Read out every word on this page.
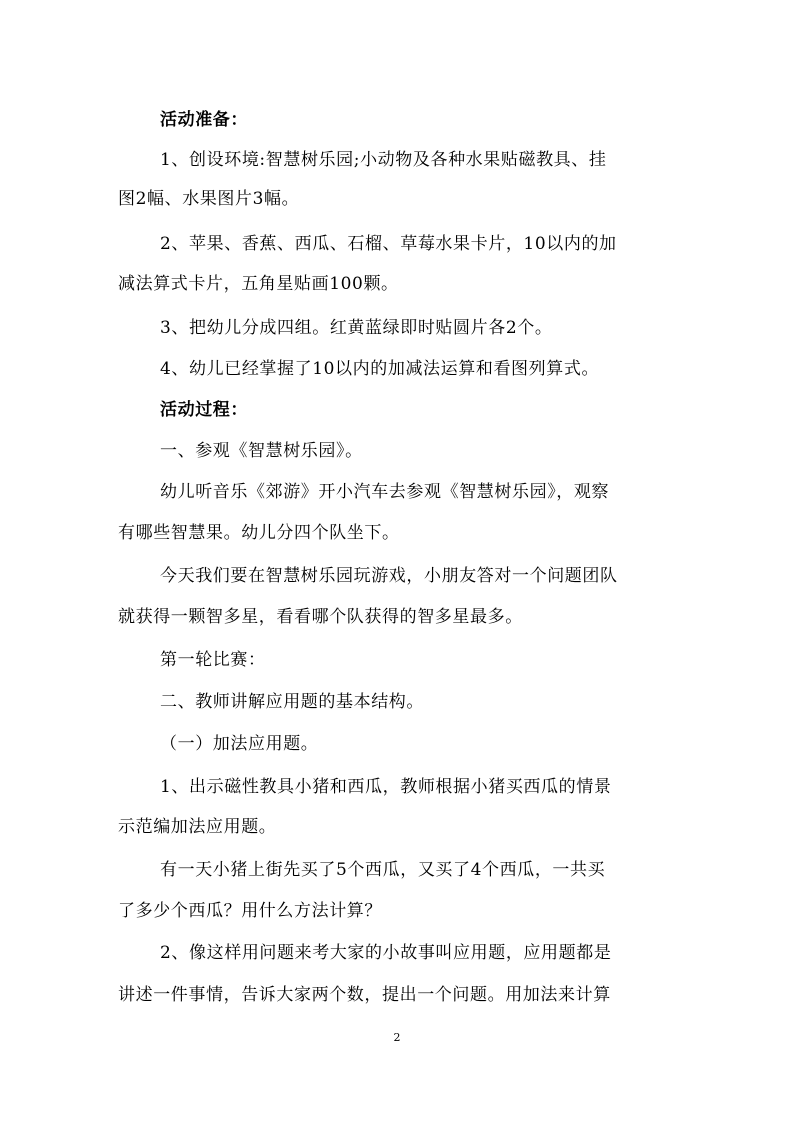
活动准备：
1、创设环境:智慧树乐园;小动物及各种水果贴磁教具、挂
图2幅、水果图片3幅。
2、苹果、香蕉、西瓜、石榴、草莓水果卡片，10以内的加
减法算式卡片，五角星贴画100颗。
3、把幼儿分成四组。红黄蓝绿即时贴圆片各2个。
4、幼儿已经掌握了10以内的加减法运算和看图列算式。
活动过程：
一、参观《智慧树乐园》。
幼儿听音乐《郊游》开小汽车去参观《智慧树乐园》，观察
有哪些智慧果。幼儿分四个队坐下。
今天我们要在智慧树乐园玩游戏，小朋友答对一个问题团队
就获得一颗智多星，看看哪个队获得的智多星最多。
第一轮比赛：
二、教师讲解应用题的基本结构。
（一）加法应用题。
1、出示磁性教具小猪和西瓜，教师根据小猪买西瓜的情景
示范编加法应用题。
有一天小猪上街先买了5个西瓜，又买了4个西瓜，一共买
了多少个西瓜？用什么方法计算？
2、像这样用问题来考大家的小故事叫应用题，应用题都是
讲述一件事情，告诉大家两个数，提出一个问题。用加法来计算
2
